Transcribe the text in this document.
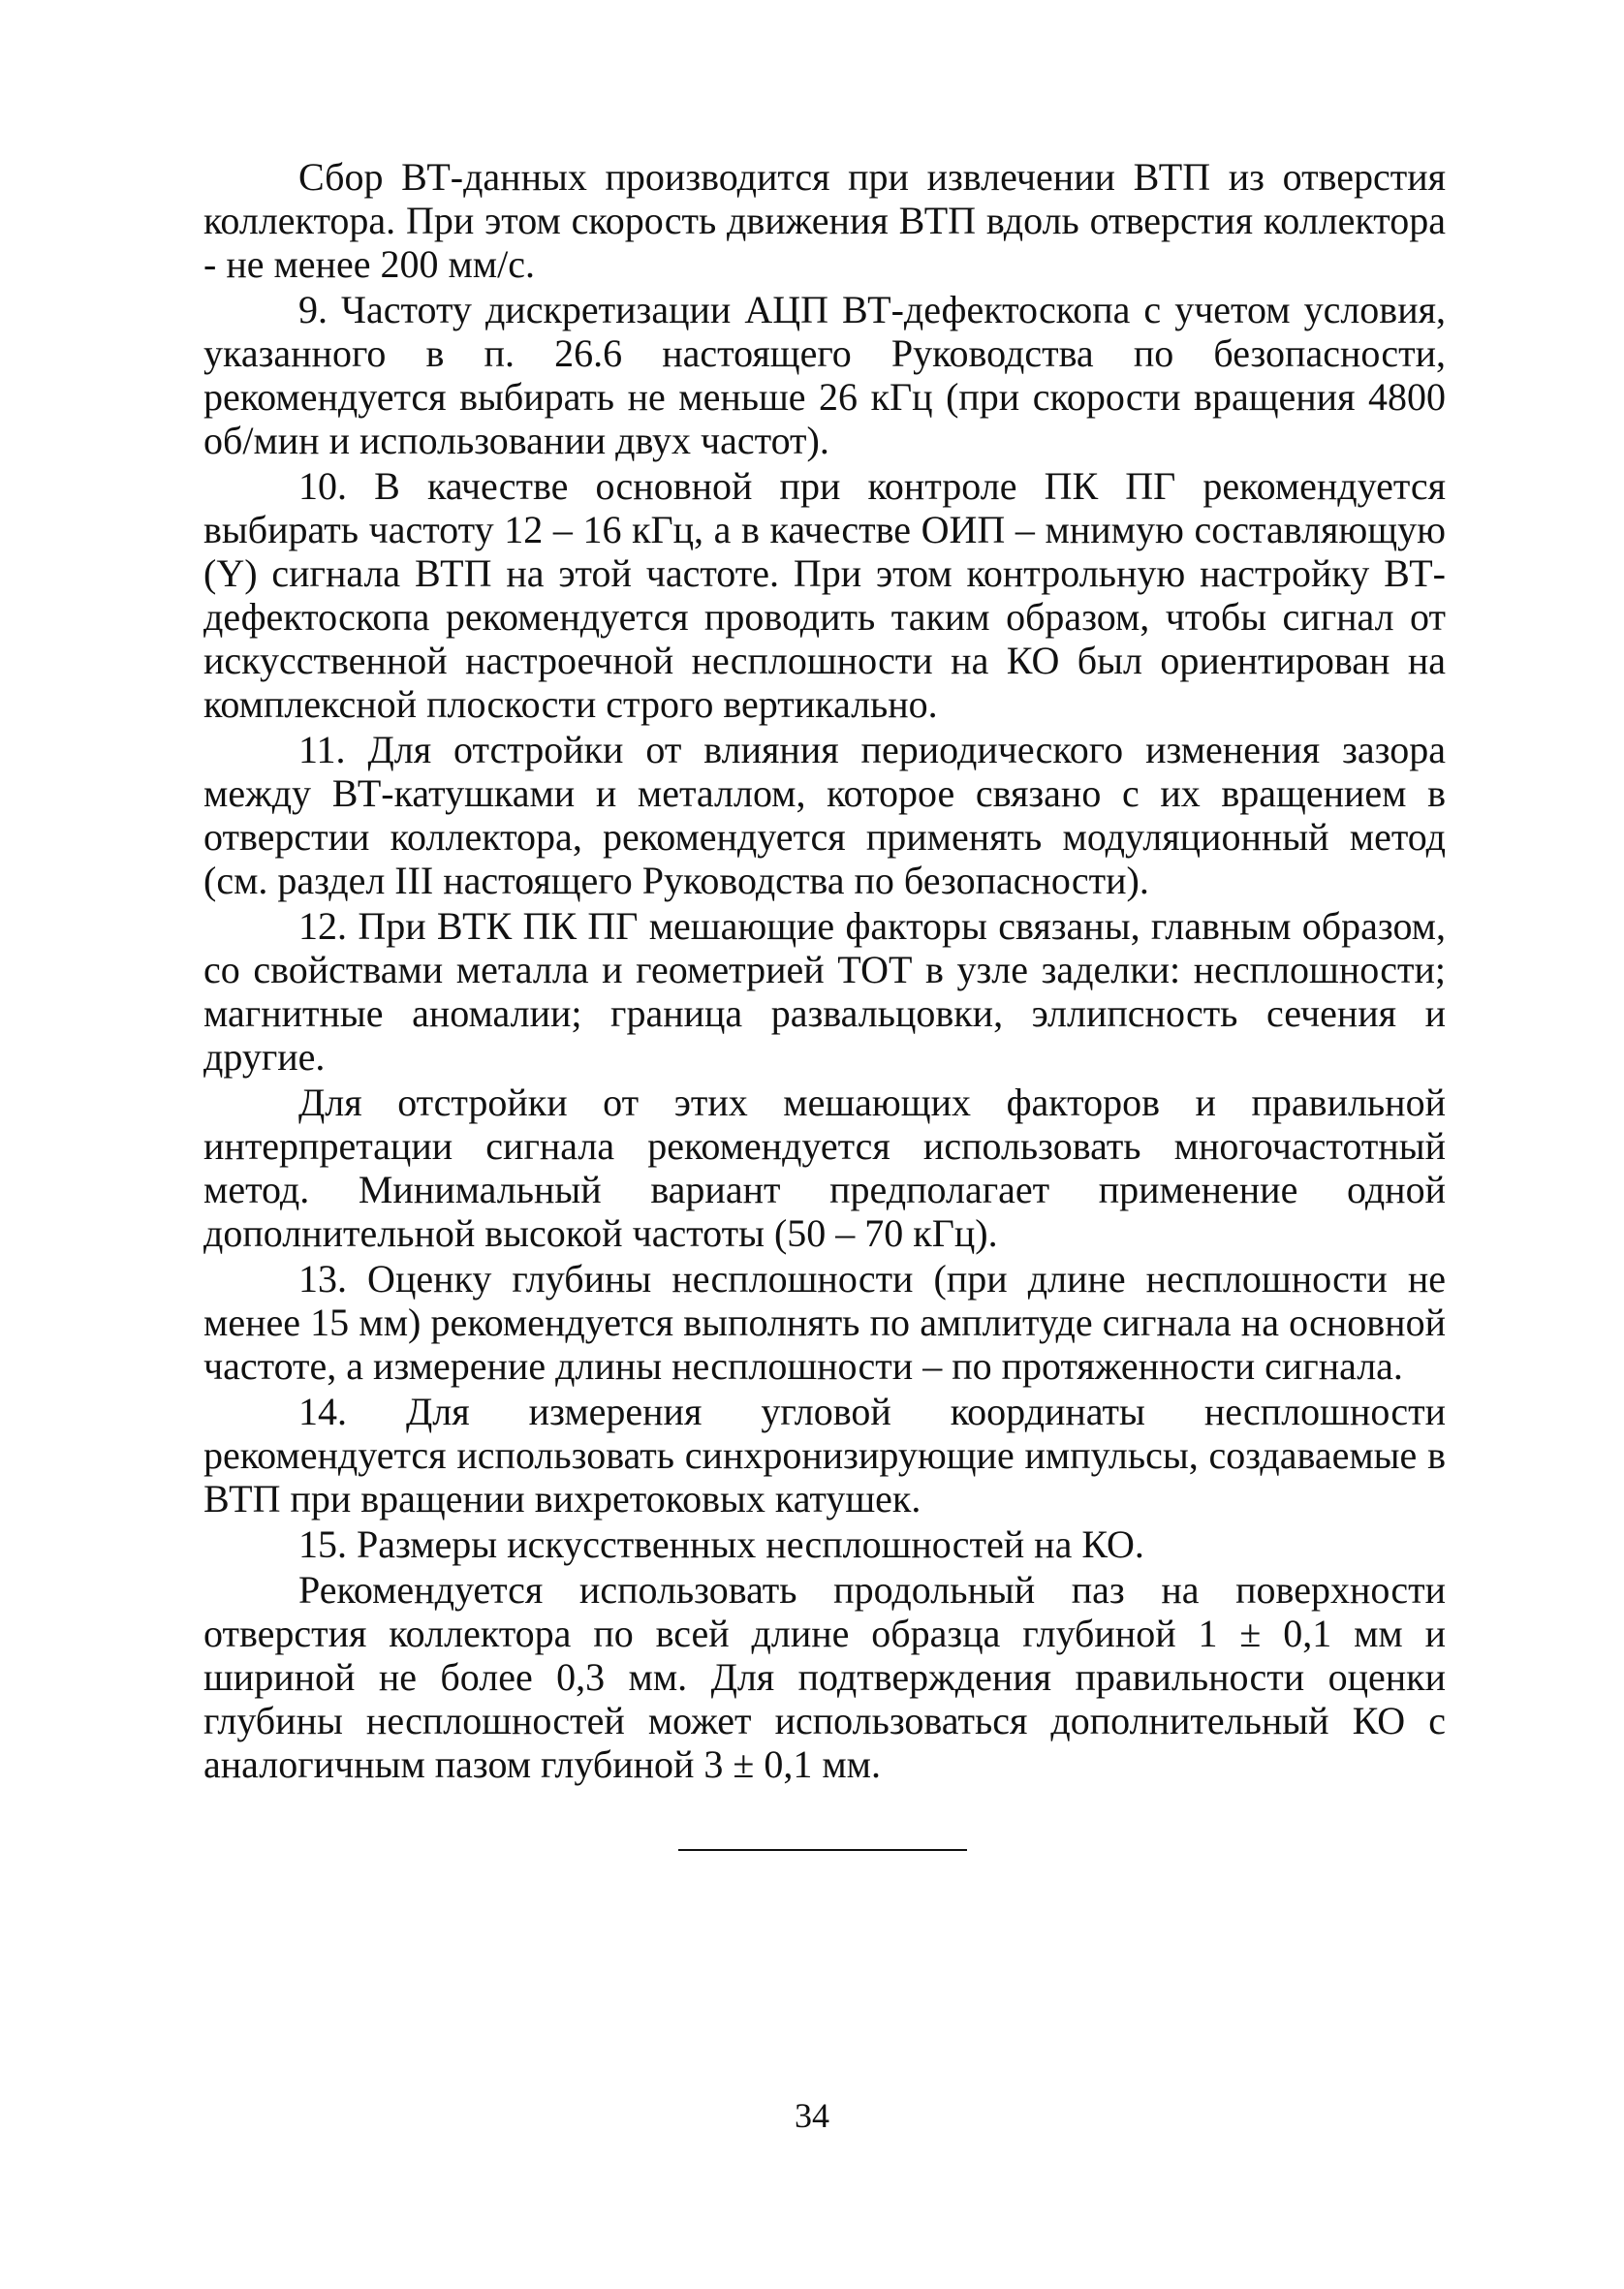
Сбор ВТ-данных производится при извлечении ВТП из отверстия коллектора. При этом скорость движения ВТП вдоль отверстия коллектора - не менее 200 мм/с.

9. Частоту дискретизации АЦП ВТ-дефектоскопа с учетом условия, указанного в п. 26.6 настоящего Руководства по безопасности, рекомендуется выбирать не меньше 26 кГц (при скорости вращения 4800 об/мин и использовании двух частот).

10. В качестве основной при контроле ПК ПГ рекомендуется выбирать частоту 12 – 16 кГц, а в качестве ОИП – мнимую составляющую (Y) сигнала ВТП на этой частоте. При этом контрольную настройку ВТ-дефектоскопа рекомендуется проводить таким образом, чтобы сигнал от искусственной настроечной несплошности на КО был ориентирован на комплексной плоскости строго вертикально.

11. Для отстройки от влияния периодического изменения зазора между ВТ-катушками и металлом, которое связано с их вращением в отверстии коллектора, рекомендуется применять модуляционный метод (см. раздел III настоящего Руководства по безопасности).

12. При ВТК ПК ПГ мешающие факторы связаны, главным образом, со свойствами металла и геометрией ТОТ в узле заделки: несплошности; магнитные аномалии; граница развальцовки, эллипсность сечения и другие.

Для отстройки от этих мешающих факторов и правильной интерпретации сигнала рекомендуется использовать многочастотный метод. Минимальный вариант предполагает применение одной дополнительной высокой частоты (50 – 70 кГц).

13. Оценку глубины несплошности (при длине несплошности не менее 15 мм) рекомендуется выполнять по амплитуде сигнала на основной частоте, а измерение длины несплошности – по протяженности сигнала.

14. Для измерения угловой координаты несплошности рекомендуется использовать синхронизирующие импульсы, создаваемые в ВТП при вращении вихретоковых катушек.

15. Размеры искусственных несплошностей на КО.

Рекомендуется использовать продольный паз на поверхности отверстия коллектора по всей длине образца глубиной 1 ± 0,1 мм и шириной не более 0,3 мм. Для подтверждения правильности оценки глубины несплошностей может использоваться дополнительный КО с аналогичным пазом глубиной 3 ± 0,1 мм.

34
